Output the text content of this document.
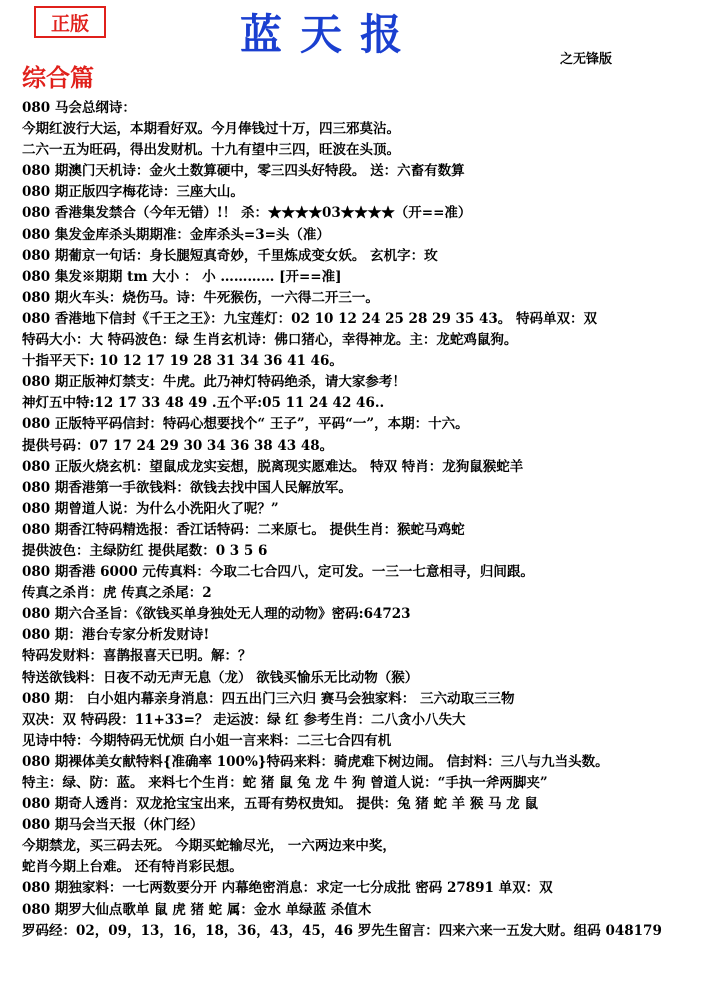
正版	蓝天报
之无锋版
综合篇
080 马会总纲诗：
今期红波行大运，本期看好双。今月俸钱过十万，四三邪莫沾。
二六一五为旺码，得出发财机。十九有望中三四，旺波在头顶。
080 期澳门天机诗：金火土数算硬中，零三四头好特段。 送：六畜有数算
080 期正版四字梅花诗：三座大山。
080 香港集发禁合（今年无错）!！ 杀：★★★★03★★★★（开==准）
080 集发金库杀头期期准：金库杀头=3=头（准）
080 期葡京一句话：身长腿短真奇妙，千里炼成变女妖。 玄机字：玫
080 集发※期期 tm 大小 ： 小 ………… [开==准]
080 期火车头：烧伤马。诗：牛死猴伤，一六得二开三一。
080 香港地下信封《千王之王》：九宝莲灯：02 10 12 24 25 28 29 35 43。 特码单双：双
特码大小：大 特码波色：绿 生肖玄机诗：佛口猪心，幸得神龙。主：龙蛇鸡鼠狗。
十指平天下: 10 12 17 19 28 31 34 36 41 46。
080 期正版神灯禁支：牛虎。此乃神灯特码绝杀，请大家参考！
神灯五中特:12 17 33 48 49 .五个平:05 11 24 42 46..
080 正版特平码信封：特码心想要找个“ 王子”，平码“一”，本期：十六。
提供号码：07 17 24 29 30 34 36 38 43 48。
080 正版火烧玄机：望鼠成龙实妄想，脱离现实愿难达。 特双 特肖：龙狗鼠猴蛇羊
080 期香港第一手欲钱料：欲钱去找中国人民解放军。
080 期曾道人说：为什么小洗阳火了呢？”
080 期香江特码精选报：香江话特码：二来原七。 提供生肖：猴蛇马鸡蛇
提供波色：主绿防红 提供尾数：0 3 5 6
080 期香港 6000 元传真料：今取二七合四八，定可发。一三一七意相寻，归间跟。
传真之杀肖：虎 传真之杀尾：2
080 期六合圣旨：《欲钱买单身独处无人理的动物》密码:64723
080 期：港台专家分析发财诗!
特码发财料：喜鹊报喜天已明。解：？
特送欲钱料：日夜不动无声无息（龙） 欲钱买愉乐无比动物（猴）
080 期： 白小姐内幕亲身消息：四五出门三六归 赛马会独家料： 三六动取三三物
双决：双 特码段：11+33=？ 走运波：绿 红 参考生肖：二八贪小八失大
见诗中特：今期特码无忧烦 白小姐一言来料：二三七合四有机
080 期裸体美女献特料{准确率 100%}特码来料：骑虎难下树边闹。 信封料：三八与九当头数。
特主：绿、防：蓝。 来料七个生肖：蛇 猪 鼠 兔 龙 牛 狗 曾道人说：“手执一斧两脚夹”
080 期奇人透肖：双龙抢宝宝出来，五哥有势权贵知。 提供：兔 猪 蛇 羊 猴 马 龙 鼠
080 期马会当天报（休门经）
今期禁龙，买三码去死。 今期买蛇输尽光， 一六两边来中奖，
蛇肖今期上台难。 还有特肖彩民想。
080 期独家料：一七两数要分开 内幕绝密消息：求定一七分成批 密码 27891 单双：双
080 期罗大仙点歌单 鼠 虎 猪 蛇 属：金水 单绿蓝 杀值木
罗码经：02，09，13，16，18，36，43，45，46 罗先生留言：四来六来一五发大财。组码 048179
